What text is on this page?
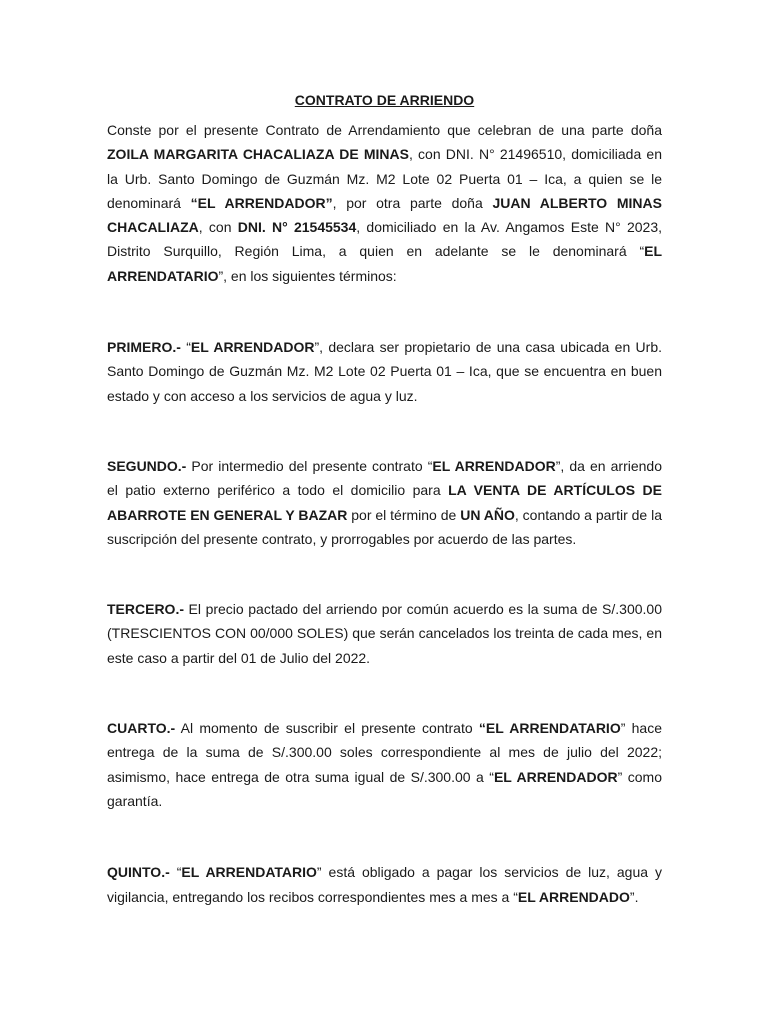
CONTRATO DE ARRIENDO

Conste por el presente Contrato de Arrendamiento que celebran de una parte doña ZOILA MARGARITA CHACALIAZA DE MINAS, con DNI. N° 21496510, domiciliada en la Urb. Santo Domingo de Guzmán Mz. M2 Lote 02 Puerta 01 – Ica, a quien se le denominará “EL ARRENDADOR”, por otra parte doña JUAN ALBERTO MINAS CHACALIAZA, con DNI. N° 21545534, domiciliado en la Av. Angamos Este N° 2023, Distrito Surquillo, Región Lima, a quien en adelante se le denominará “EL ARRENDATARIO”, en los siguientes términos:

PRIMERO.- “EL ARRENDADOR”, declara ser propietario de una casa ubicada en Urb. Santo Domingo de Guzmán Mz. M2 Lote 02 Puerta 01 – Ica, que se encuentra en buen estado y con acceso a los servicios de agua y luz.

SEGUNDO.- Por intermedio del presente contrato “EL ARRENDADOR”, da en arriendo el patio externo periférico a todo el domicilio para LA VENTA DE ARTÍCULOS DE ABARROTE EN GENERAL Y BAZAR por el término de UN AÑO, contando a partir de la suscripción del presente contrato, y prorrogables por acuerdo de las partes.

TERCERO.- El precio pactado del arriendo por común acuerdo es la suma de S/.300.00 (TRESCIENTOS CON 00/000 SOLES) que serán cancelados los treinta de cada mes, en este caso a partir del 01 de Julio del 2022.

CUARTO.- Al momento de suscribir el presente contrato “EL ARRENDATARIO” hace entrega de la suma de S/.300.00 soles correspondiente al mes de julio del 2022; asimismo, hace entrega de otra suma igual de S/.300.00 a “EL ARRENDADOR” como garantía.

QUINTO.- “EL ARRENDATARIO” está obligado a pagar los servicios de luz, agua y vigilancia, entregando los recibos correspondientes mes a mes a “EL ARRENDADO”.
